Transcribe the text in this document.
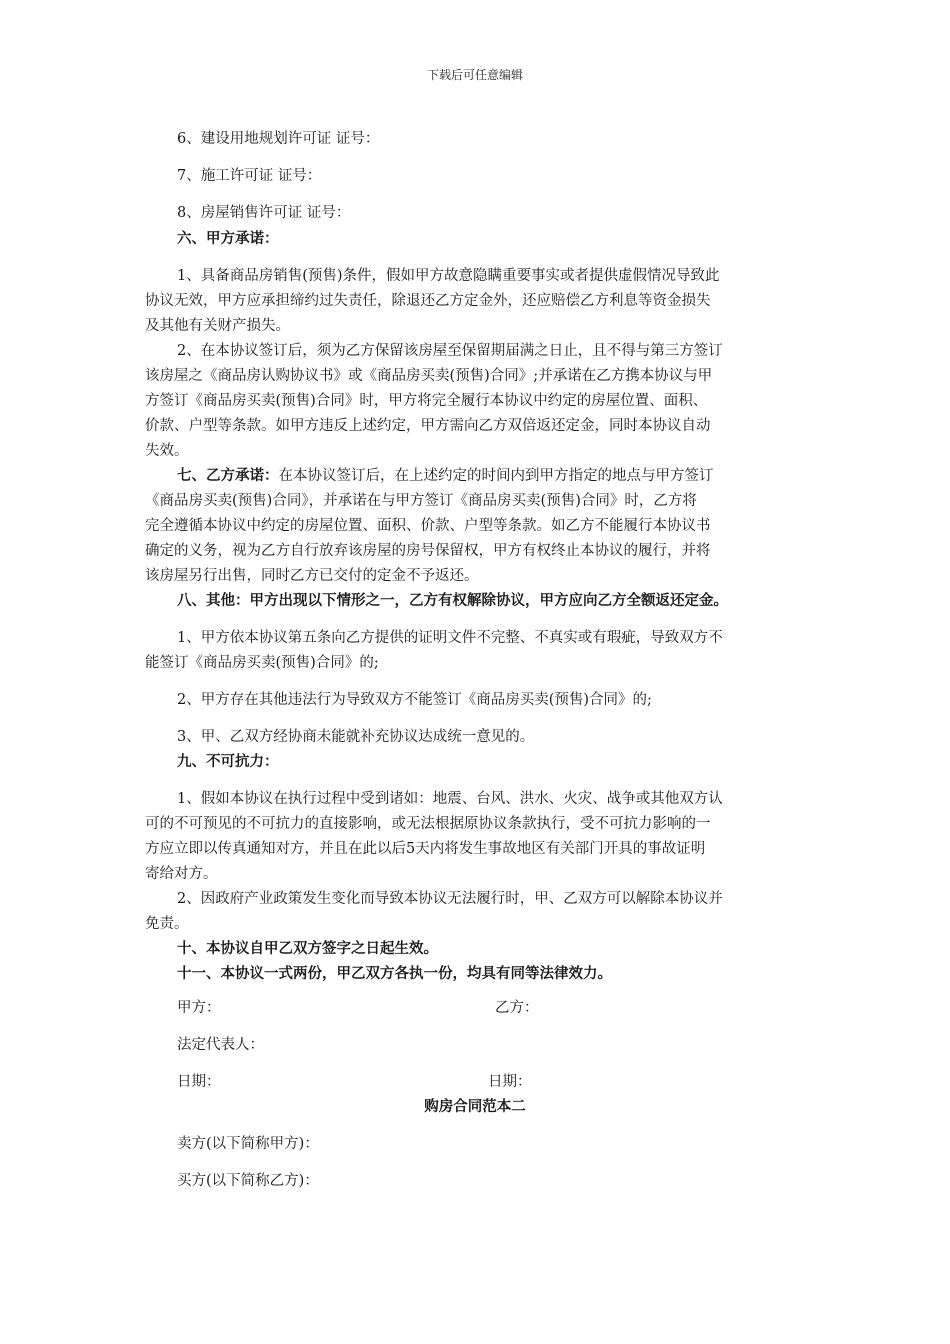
下载后可任意编辑
6、建设用地规划许可证 证号：
7、施工许可证 证号：
8、房屋销售许可证 证号：
六、甲方承诺：
1、具备商品房销售(预售)条件，假如甲方故意隐瞒重要事实或者提供虚假情况导致此
协议无效，甲方应承担缔约过失责任，除退还乙方定金外，还应赔偿乙方利息等资金损失
及其他有关财产损失。
2、在本协议签订后，须为乙方保留该房屋至保留期届满之日止，且不得与第三方签订
该房屋之《商品房认购协议书》或《商品房买卖(预售)合同》;并承诺在乙方携本协议与甲
方签订《商品房买卖(预售)合同》时，甲方将完全履行本协议中约定的房屋位置、面积、
价款、户型等条款。如甲方违反上述约定，甲方需向乙方双倍返还定金，同时本协议自动
失效。
七、乙方承诺：在本协议签订后，在上述约定的时间内到甲方指定的地点与甲方签订
《商品房买卖(预售)合同》，并承诺在与甲方签订《商品房买卖(预售)合同》时，乙方将
完全遵循本协议中约定的房屋位置、面积、价款、户型等条款。如乙方不能履行本协议书
确定的义务，视为乙方自行放弃该房屋的房号保留权，甲方有权终止本协议的履行，并将
该房屋另行出售，同时乙方已交付的定金不予返还。
八、其他：甲方出现以下情形之一，乙方有权解除协议，甲方应向乙方全额返还定金。
1、甲方依本协议第五条向乙方提供的证明文件不完整、不真实或有瑕疵，导致双方不
能签订《商品房买卖(预售)合同》的;
2、甲方存在其他违法行为导致双方不能签订《商品房买卖(预售)合同》的;
3、甲、乙双方经协商未能就补充协议达成统一意见的。
九、不可抗力：
1、假如本协议在执行过程中受到诸如：地震、台风、洪水、火灾、战争或其他双方认
可的不可预见的不可抗力的直接影响，或无法根据原协议条款执行，受不可抗力影响的一
方应立即以传真通知对方，并且在此以后5天内将发生事故地区有关部门开具的事故证明
寄给对方。
2、因政府产业政策发生变化而导致本协议无法履行时，甲、乙双方可以解除本协议并
免责。
十、本协议自甲乙双方签字之日起生效。
十一、本协议一式两份，甲乙双方各执一份，均具有同等法律效力。
甲方：	乙方：
法定代表人：
日期：	日期：
购房合同范本二
卖方(以下简称甲方)：
买方(以下简称乙方)：
